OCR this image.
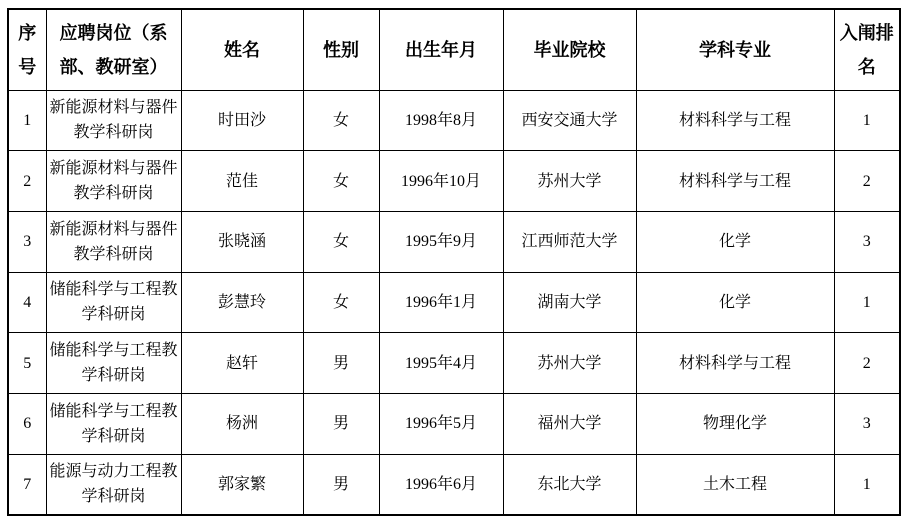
序号	应聘岗位（系部、教研室）	姓名	性别	出生年月	毕业院校	学科专业	入闱排名
1	新能源材料与器件教学科研岗	时田沙	女	1998年8月	西安交通大学	材料科学与工程	1
2	新能源材料与器件教学科研岗	范佳	女	1996年10月	苏州大学	材料科学与工程	2
3	新能源材料与器件教学科研岗	张晓涵	女	1995年9月	江西师范大学	化学	3
4	储能科学与工程教学科研岗	彭慧玲	女	1996年1月	湖南大学	化学	1
5	储能科学与工程教学科研岗	赵轩	男	1995年4月	苏州大学	材料科学与工程	2
6	储能科学与工程教学科研岗	杨洲	男	1996年5月	福州大学	物理化学	3
7	能源与动力工程教学科研岗	郭家繁	男	1996年6月	东北大学	土木工程	1
